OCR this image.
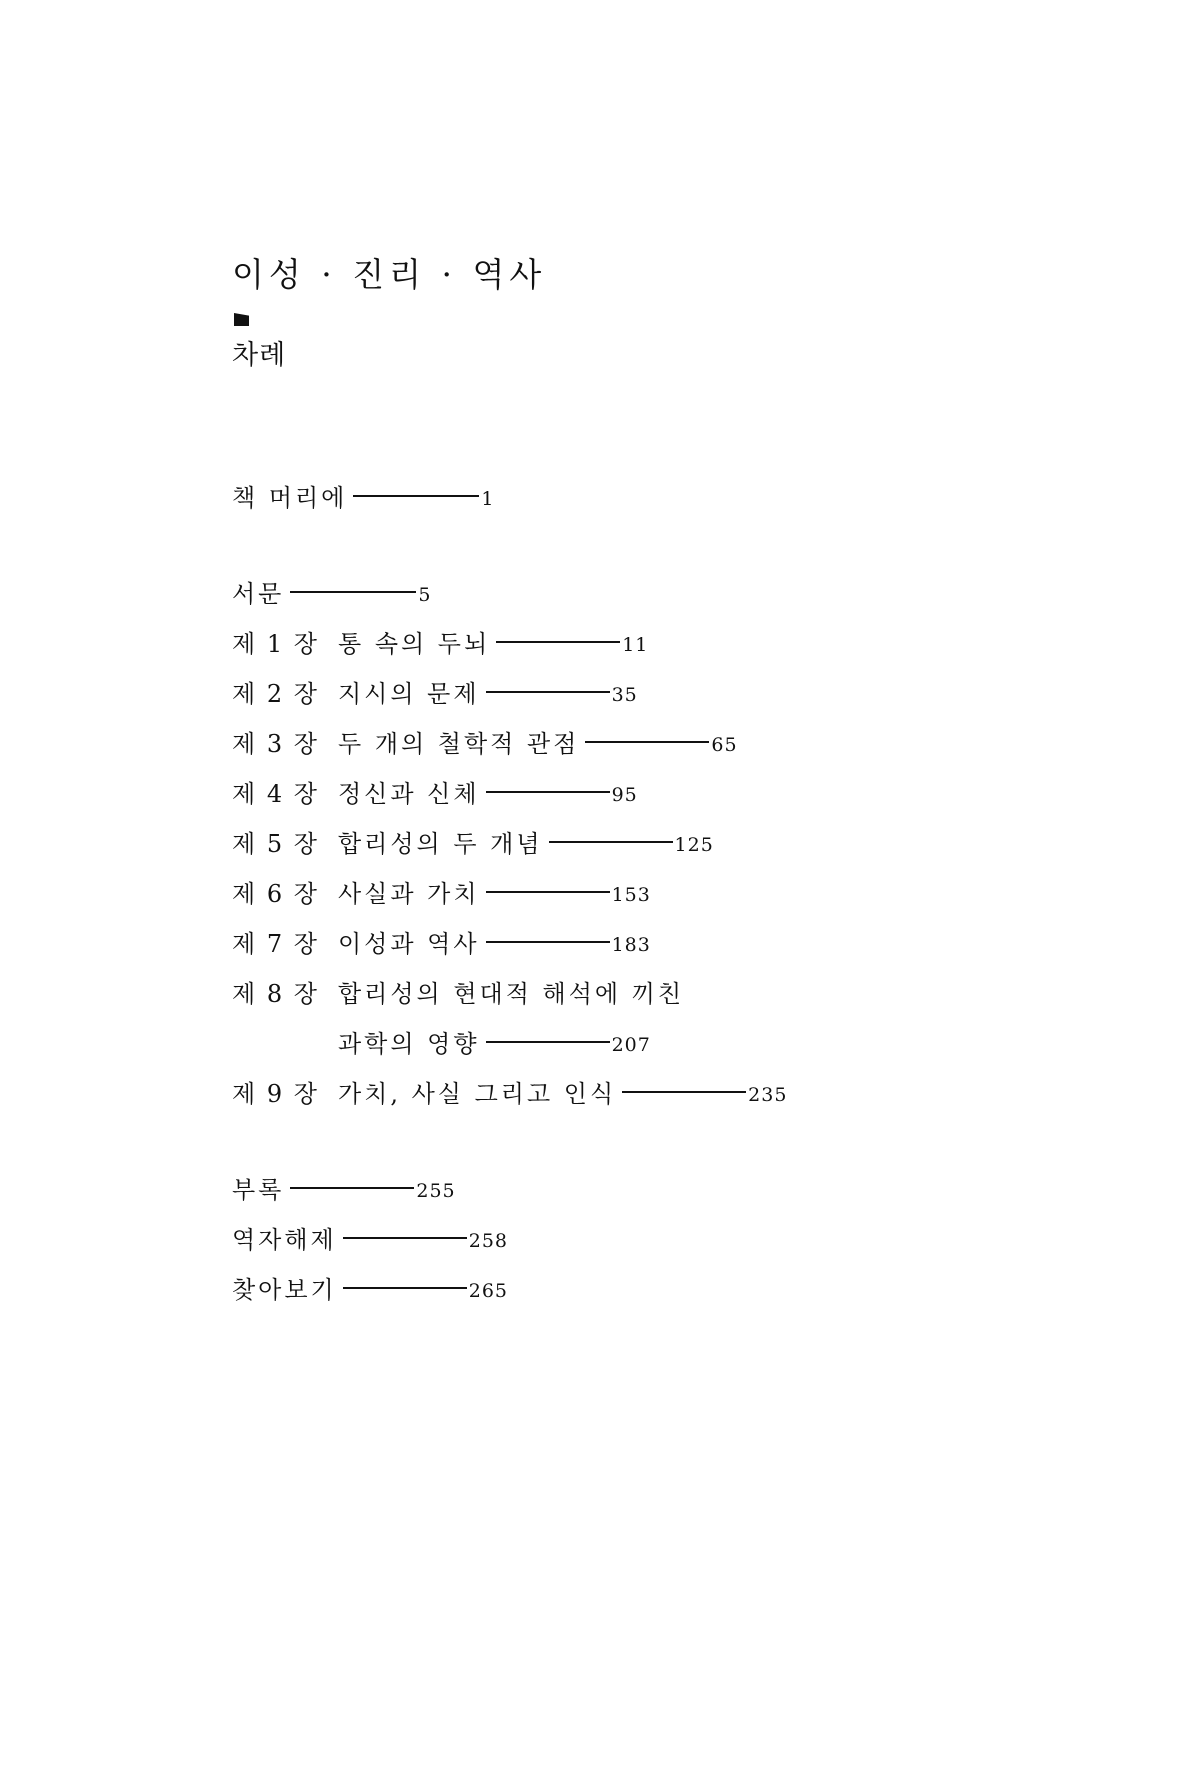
이성 · 진리 · 역사
차례
책 머리에	1
서문	5
제 1 장 통 속의 두뇌	11
제 2 장 지시의 문제	35
제 3 장 두 개의 철학적 관점	65
제 4 장 정신과 신체	95
제 5 장 합리성의 두 개념	125
제 6 장 사실과 가치	153
제 7 장 이성과 역사	183
제 8 장 합리성의 현대적 해석에 끼친
과학의 영향	207
제 9 장 가치, 사실 그리고 인식	235
부록	255
역자해제	258
찾아보기	265
